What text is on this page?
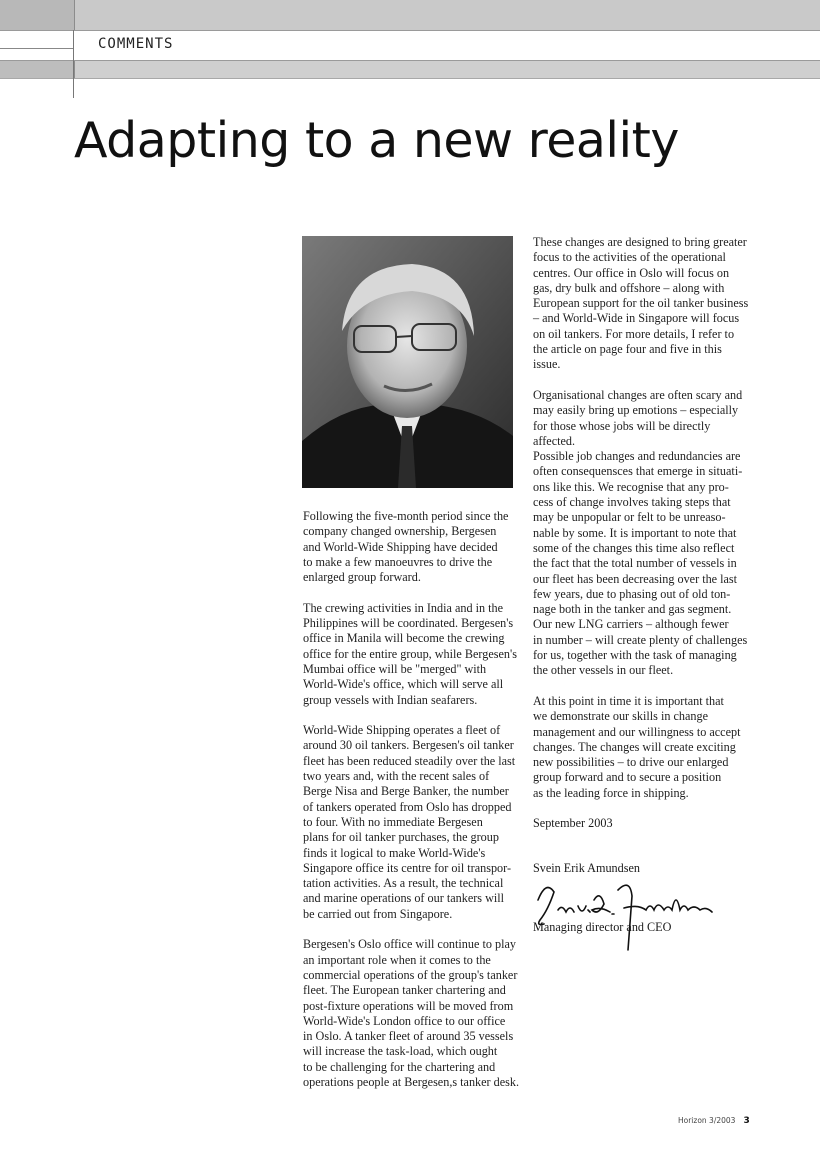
COMMENTS
Adapting to a new reality

Following the five-month period since the
company changed ownership, Bergesen
and World-Wide Shipping have decided
to make a few manoeuvres to drive the
enlarged group forward.

The crewing activities in India and in the
Philippines will be coordinated. Bergesen's
office in Manila will become the crewing
office for the entire group, while Bergesen's
Mumbai office will be "merged" with
World-Wide's office, which will serve all
group vessels with Indian seafarers.

World-Wide Shipping operates a fleet of
around 30 oil tankers. Bergesen's oil tanker
fleet has been reduced steadily over the last
two years and, with the recent sales of
Berge Nisa and Berge Banker, the number
of tankers operated from Oslo has dropped
to four. With no immediate Bergesen
plans for oil tanker purchases, the group
finds it logical to make World-Wide's
Singapore office its centre for oil transpor-
tation activities. As a result, the technical
and marine operations of our tankers will
be carried out from Singapore.

Bergesen's Oslo office will continue to play
an important role when it comes to the
commercial operations of the group's tanker
fleet. The European tanker chartering and
post-fixture operations will be moved from
World-Wide's London office to our office
in Oslo. A tanker fleet of around 35 vessels
will increase the task-load, which ought
to be challenging for the chartering and
operations people at Bergesen,s tanker desk.

These changes are designed to bring greater
focus to the activities of the operational
centres. Our office in Oslo will focus on
gas, dry bulk and offshore – along with
European support for the oil tanker business
– and World-Wide in Singapore will focus
on oil tankers. For more details, I refer to
the article on page four and five in this
issue.

Organisational changes are often scary and
may easily bring up emotions – especially
for those whose jobs will be directly affected.
Possible job changes and redundancies are
often consequensces that emerge in situati-
ons like this. We recognise that any pro-
cess of change involves taking steps that
may be unpopular or felt to be unreaso-
nable by some. It is important to note that
some of the changes this time also reflect
the fact that the total number of vessels in
our fleet has been decreasing over the last
few years, due to phasing out of old ton-
nage both in the tanker and gas segment.
Our new LNG carriers – although fewer
in number – will create plenty of challenges
for us, together with the task of managing
the other vessels in our fleet.

At this point in time it is important that
we demonstrate our skills in change
management and our willingness to accept
changes. The changes will create exciting
new possibilities – to drive our enlarged
group forward and to secure a position
as the leading force in shipping.

September 2003
Svein Erik Amundsen
Managing director and CEO
Horizon 3/2003 3
